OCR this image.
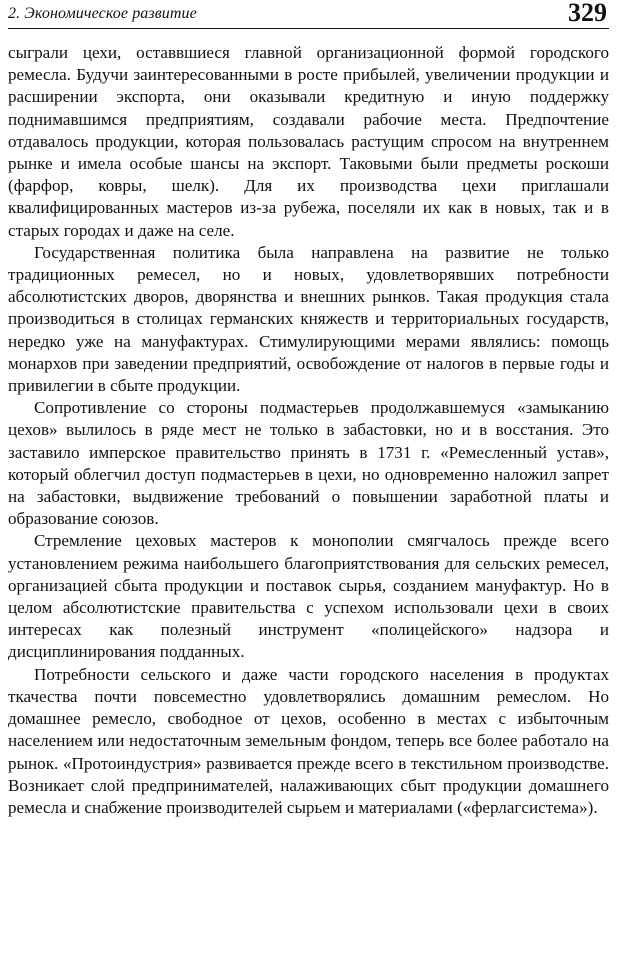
2. Экономическое развитие	329

сыграли цехи, оставвшиеся главной организационной формой городского ремесла. Будучи заинтересованными в росте прибылей, увеличении продукции и расширении экспорта, они оказывали кредитную и иную поддержку поднимавшимся предприятиям, создавали рабочие места. Предпочтение отдавалось продукции, которая пользовалась растущим спросом на внутреннем рынке и имела особые шансы на экспорт. Таковыми были предметы роскоши (фарфор, ковры, шелк). Для их производства цехи приглашали квалифицированных мастеров из-за рубежа, поселяли их как в новых, так и в старых городах и даже на селе.

Государственная политика была направлена на развитие не только традиционных ремесел, но и новых, удовлетворявших потребности абсолютистских дворов, дворянства и внешних рынков. Такая продукция стала производиться в столицах германских княжеств и территориальных государств, нередко уже на мануфактурах. Стимулирующими мерами являлись: помощь монархов при заведении предприятий, освобождение от налогов в первые годы и привилегии в сбыте продукции.

Сопротивление со стороны подмастерьев продолжавшемуся «замыканию цехов» вылилось в ряде мест не только в забастовки, но и в восстания. Это заставило имперское правительство принять в 1731 г. «Ремесленный устав», который облегчил доступ подмастерьев в цехи, но одновременно наложил запрет на забастовки, выдвижение требований о повышении заработной платы и образование союзов.

Стремление цеховых мастеров к монополии смягчалось прежде всего установлением режима наибольшего благоприятствования для сельских ремесел, организацией сбыта продукции и поставок сырья, созданием мануфактур. Но в целом абсолютистские правительства с успехом использовали цехи в своих интересах как полезный инструмент «полицейского» надзора и дисциплинирования подданных.

Потребности сельского и даже части городского населения в продуктах ткачества почти повсеместно удовлетворялись домашним ремеслом. Но домашнее ремесло, свободное от цехов, особенно в местах с избыточным населением или недостаточным земельным фондом, теперь все более работало на рынок. «Протоиндустрия» развивается прежде всего в текстильном производстве. Возникает слой предпринимателей, налаживающих сбыт продукции домашнего ремесла и снабжение производителей сырьем и материалами («ферлагсистема»).
